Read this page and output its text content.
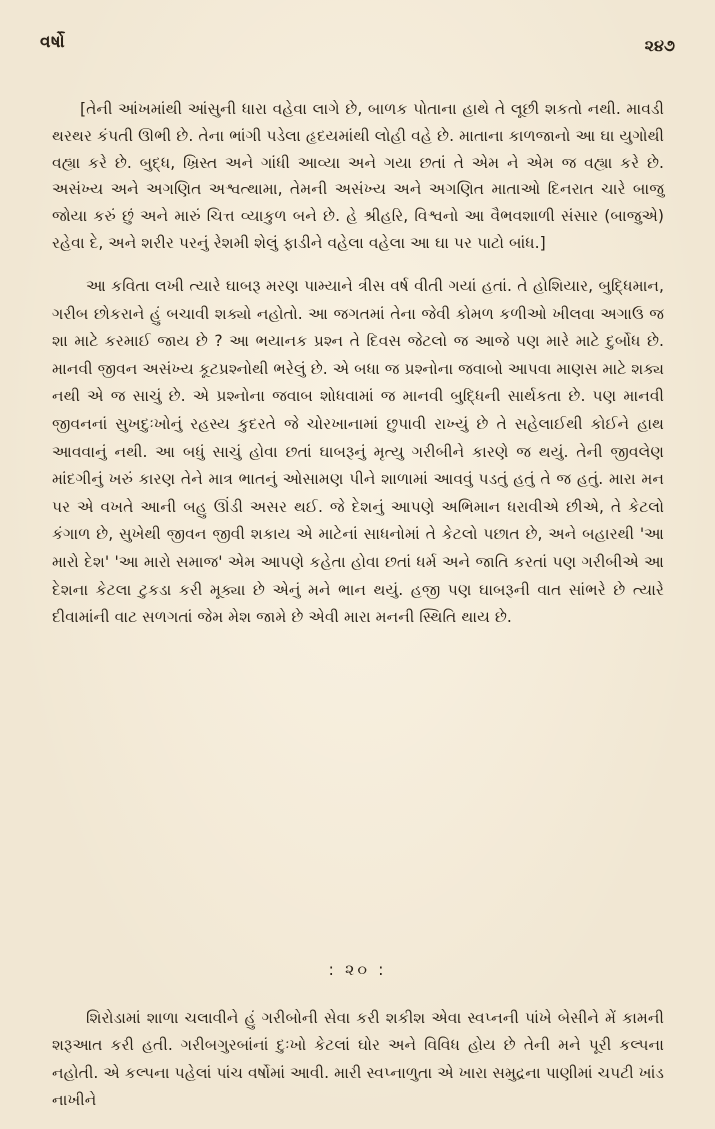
વર્ષો	૨૪૭

[તેની આંખમાંથી આંસુની ધારા વહેવા લાગે છે, બાળક પોતાના હાથે તે લૂછી શકતો નથી. માવડી થરથર કંપતી ઊભી છે. તેના ભાંગી પડેલા હૃદયમાંથી લોહી વહે છે. માતાના કાળજાનો આ ઘા યુગોથી વહ્યા કરે છે. બુદ્ધ, ખ્રિસ્ત અને ગાંધી આવ્યા અને ગયા છતાં તે એમ ને એમ જ વહ્યા કરે છે. અસંખ્ય અને અગણિત અશ્વત્થામા, તેમની અસંખ્ય અને અગણિત માતાઓ દિનરાત ચારે બાજુ જોયા કરું છું અને મારું ચિત્ત વ્યાકુળ બને છે. હે શ્રીહરિ, વિશ્વનો આ વૈભવશાળી સંસાર (બાજુએ) રહેવા દે, અને શરીર પરનું રેશમી શેલું ફાડીને વહેલા વહેલા આ ઘા પર પાટો બાંધ.]

આ કવિતા લખી ત્યારે ઘાબરૂ મરણ પામ્યાને ત્રીસ વર્ષ વીતી ગયાં હતાં. તે હોશિયાર, બુદ્ધિમાન, ગરીબ છોકરાને હું બચાવી શક્યો નહોતો. આ જગતમાં તેના જેવી કોમળ કળીઓ ખીલવા અગાઉ જ શા માટે કરમાઈ જાય છે ? આ ભયાનક પ્રશ્ન તે દિવસ જેટલો જ આજે પણ મારે માટે દુર્બોધ છે. માનવી જીવન અસંખ્ય કૂટપ્રશ્નોથી ભરેલું છે. એ બધા જ પ્રશ્નોના જવાબો આપવા માણસ માટે શક્ય નથી એ જ સાચું છે. એ પ્રશ્નોના જવાબ શોધવામાં જ માનવી બુદ્ધિની સાર્થકતા છે. પણ માનવી જીવનનાં સુખદુઃખોનું રહસ્ય કુદરતે જે ચોરખાનામાં છુપાવી રાખ્યું છે તે સહેલાઈથી કોઈને હાથ આવવાનું નથી. આ બધું સાચું હોવા છતાં ઘાબરૂનું મૃત્યુ ગરીબીને કારણે જ થયું. તેની જીવલેણ માંદગીનું ખરું કારણ તેને માત્ર ભાતનું ઓસામણ પીને શાળામાં આવવું પડતું હતું તે જ હતું. મારા મન પર એ વખતે આની બહુ ઊંડી અસર થઈ. જે દેશનું આપણે અભિમાન ધરાવીએ છીએ, તે કેટલો કંગાળ છે, સુખેથી જીવન જીવી શકાય એ માટેનાં સાધનોમાં તે કેટલો પછાત છે, અને બહારથી 'આ મારો દેશ' 'આ મારો સમાજ' એમ આપણે કહેતા હોવા છતાં ધર્મ અને જાતિ કરતાં પણ ગરીબીએ આ દેશના કેટલા ટુકડા કરી મૂક્યા છે એનું મને ભાન થયું. હજી પણ ઘાબરૂની વાત સાંભરે છે ત્યારે દીવામાંની વાટ સળગતાં જેમ મેશ જામે છે એવી મારા મનની સ્થિતિ થાય છે.

: ૨૦ :

શિરોડામાં શાળા ચલાવીને હું ગરીબોની સેવા કરી શકીશ એવા સ્વપ્નની પાંખે બેસીને મેં કામની શરૂઆત કરી હતી. ગરીબગુરબાંનાં દુઃખો કેટલાં ઘોર અને વિવિધ હોય છે તેની મને પૂરી કલ્પના નહોતી. એ કલ્પના પહેલાં પાંચ વર્ષોમાં આવી. મારી સ્વપ્નાળુતા એ ખારા સમુદ્રના પાણીમાં ચપટી ખાંડ નાખીને
